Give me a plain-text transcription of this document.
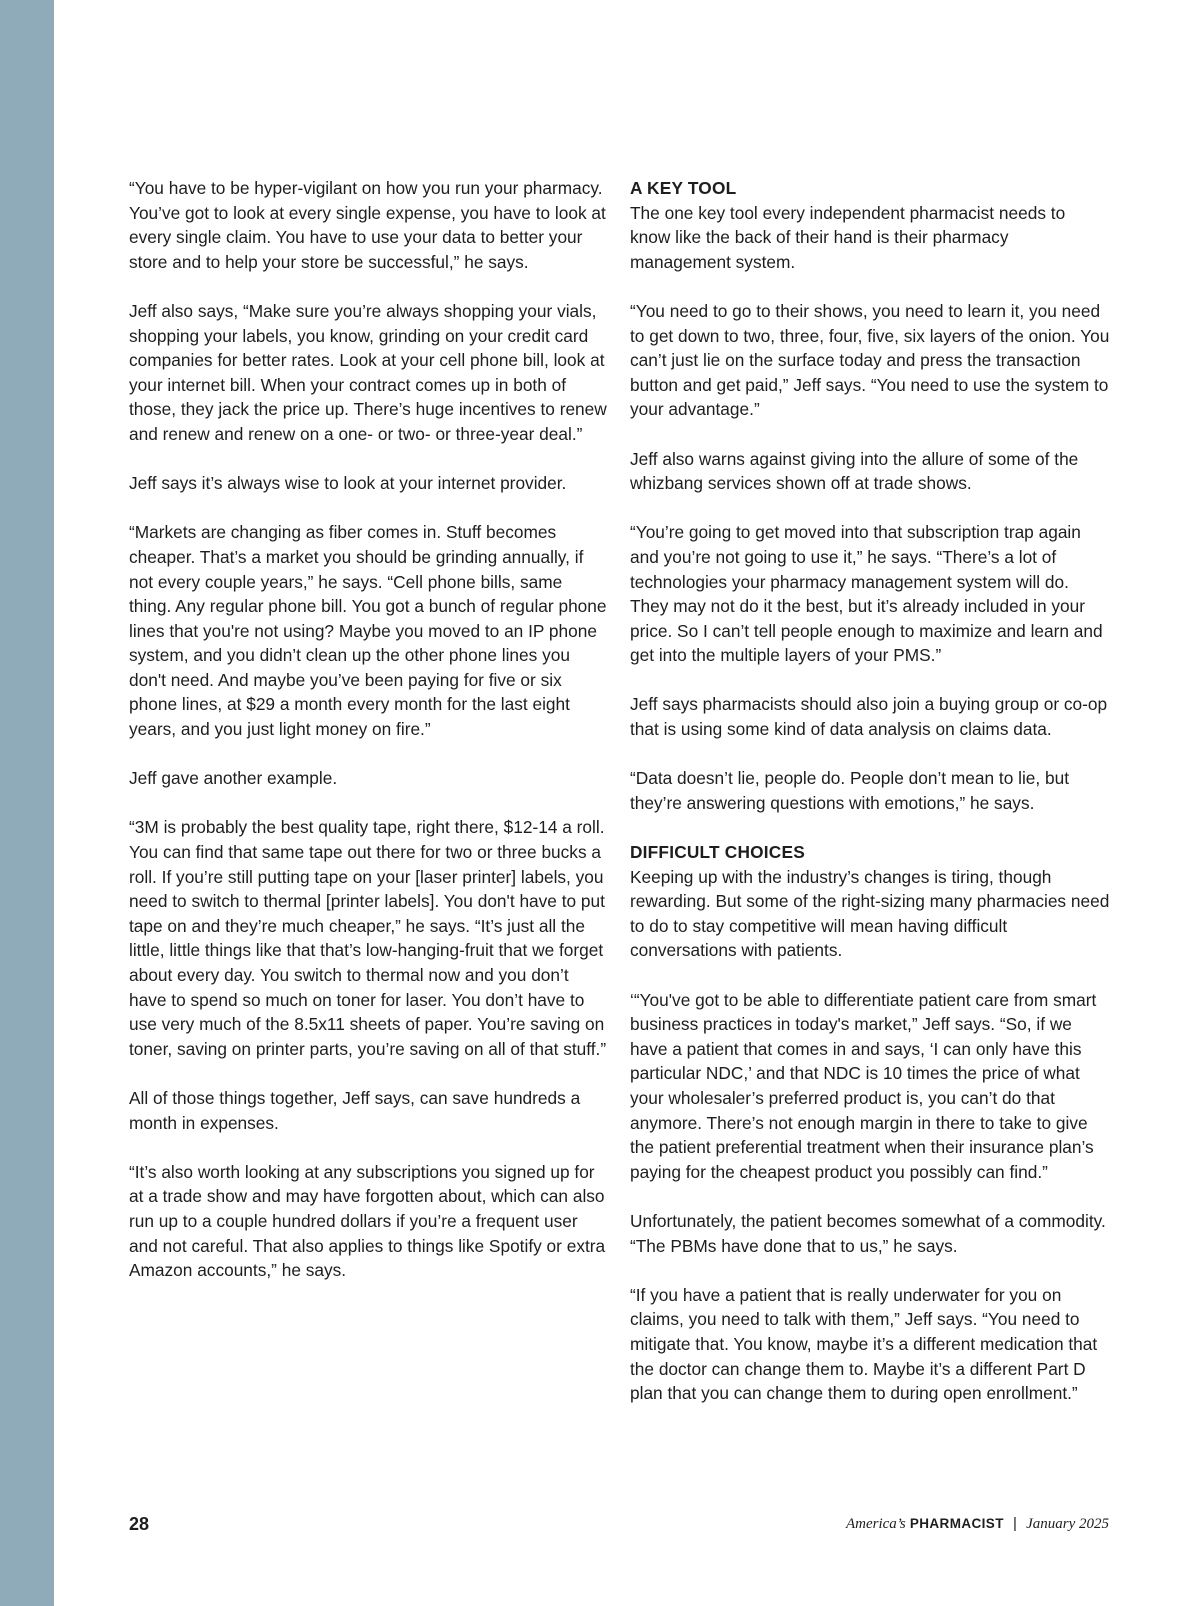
“You have to be hyper-vigilant on how you run your pharmacy. You’ve got to look at every single expense, you have to look at every single claim. You have to use your data to better your store and to help your store be successful,” he says.

Jeff also says, “Make sure you’re always shopping your vials, shopping your labels, you know, grinding on your credit card companies for better rates. Look at your cell phone bill, look at your internet bill. When your contract comes up in both of those, they jack the price up. There’s huge incentives to renew and renew and renew on a one- or two- or three-year deal.”

Jeff says it’s always wise to look at your internet provider.

“Markets are changing as fiber comes in. Stuff becomes cheaper. That’s a market you should be grinding annually, if not every couple years,” he says. “Cell phone bills, same thing. Any regular phone bill. You got a bunch of regular phone lines that you're not using? Maybe you moved to an IP phone system, and you didn’t clean up the other phone lines you don't need. And maybe you’ve been paying for five or six phone lines, at $29 a month every month for the last eight years, and you just light money on fire.”

Jeff gave another example.

“3M is probably the best quality tape, right there, $12-14 a roll. You can find that same tape out there for two or three bucks a roll. If you’re still putting tape on your [laser printer] labels, you need to switch to thermal [printer labels]. You don't have to put tape on and they’re much cheaper,” he says. “It’s just all the little, little things like that that’s low-hanging-fruit that we forget about every day. You switch to thermal now and you don’t have to spend so much on toner for laser. You don’t have to use very much of the 8.5x11 sheets of paper. You’re saving on toner, saving on printer parts, you’re saving on all of that stuff.”

All of those things together, Jeff says, can save hundreds a month in expenses.

“It’s also worth looking at any subscriptions you signed up for at a trade show and may have forgotten about, which can also run up to a couple hundred dollars if you’re a frequent user and not careful. That also applies to things like Spotify or extra Amazon accounts,” he says.

A KEY TOOL

The one key tool every independent pharmacist needs to know like the back of their hand is their pharmacy management system.

“You need to go to their shows, you need to learn it, you need to get down to two, three, four, five, six layers of the onion. You can’t just lie on the surface today and press the transaction button and get paid,” Jeff says. “You need to use the system to your advantage.”

Jeff also warns against giving into the allure of some of the whizbang services shown off at trade shows.

“You’re going to get moved into that subscription trap again and you’re not going to use it,” he says. “There’s a lot of technologies your pharmacy management system will do. They may not do it the best, but it’s already included in your price. So I can’t tell people enough to maximize and learn and get into the multiple layers of your PMS.”

Jeff says pharmacists should also join a buying group or co-op that is using some kind of data analysis on claims data.

“Data doesn’t lie, people do. People don’t mean to lie, but they’re answering questions with emotions,” he says.

DIFFICULT CHOICES

Keeping up with the industry’s changes is tiring, though rewarding. But some of the right-sizing many pharmacies need to do to stay competitive will mean having difficult conversations with patients.

‘“You've got to be able to differentiate patient care from smart business practices in today's market,” Jeff says. “So, if we have a patient that comes in and says, ‘I can only have this particular NDC,’ and that NDC is 10 times the price of what your wholesaler’s preferred product is, you can’t do that anymore. There’s not enough margin in there to take to give the patient preferential treatment when their insurance plan’s paying for the cheapest product you possibly can find.”

Unfortunately, the patient becomes somewhat of a commodity. “The PBMs have done that to us,” he says.

“If you have a patient that is really underwater for you on claims, you need to talk with them,” Jeff says. “You need to mitigate that. You know, maybe it’s a different medication that the doctor can change them to. Maybe it’s a different Part D plan that you can change them to during open enrollment.”

28	America’s PHARMACIST | January 2025
